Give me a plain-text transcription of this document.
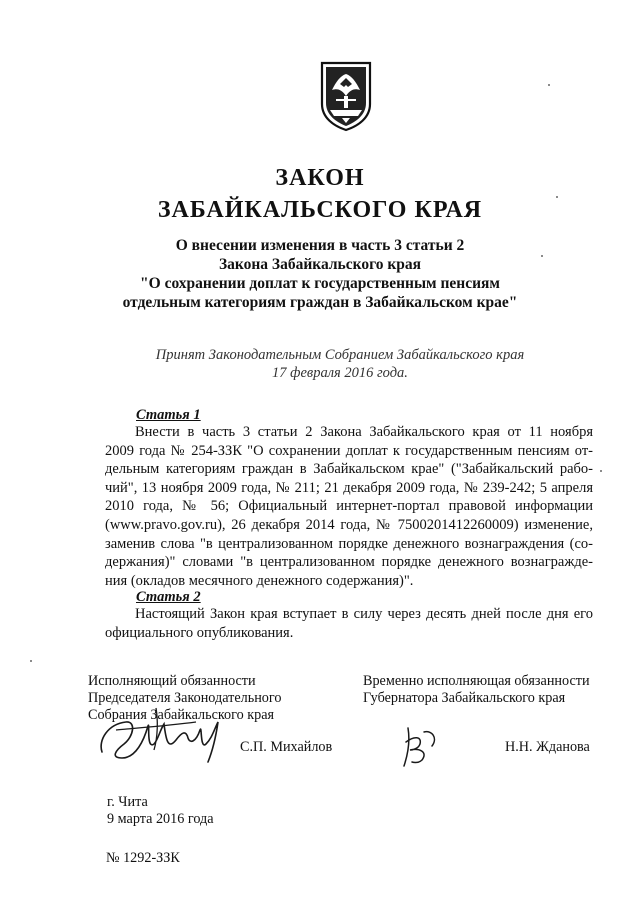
ЗАКОН
ЗАБАЙКАЛЬСКОГО КРАЯ
О внесении изменения в часть 3 статьи 2
Закона Забайкальского края
"О сохранении доплат к государственным пенсиям
отдельным категориям граждан в Забайкальском крае"
Принят Законодательным Собранием Забайкальского края
17 февраля 2016 года.
Статья 1
Внести в часть 3 статьи 2 Закона Забайкальского края от 11 ноября
2009 года № 254-ЗЗК "О сохранении доплат к государственным пенсиям от-
дельным категориям граждан в Забайкальском крае" ("Забайкальский рабо-
чий", 13 ноября 2009 года, № 211; 21 декабря 2009 года, № 239-242; 5 апреля
2010 года, № 56; Официальный интернет-портал правовой информации
(www.pravo.gov.ru), 26 декабря 2014 года, № 7500201412260009) изменение,
заменив слова "в централизованном порядке денежного вознаграждения (со-
держания)" словами "в централизованном порядке денежного вознагражде-
ния (окладов месячного денежного содержания)".
Статья 2
Настоящий Закон края вступает в силу через десять дней после дня его
официального опубликования.
Исполняющий обязанности
Председателя Законодательного
Собрания Забайкальского края
Временно исполняющая обязанности
Губернатора Забайкальского края
С.П. Михайлов	Н.Н. Жданова
г. Чита
9 марта 2016 года
№ 1292-ЗЗК
